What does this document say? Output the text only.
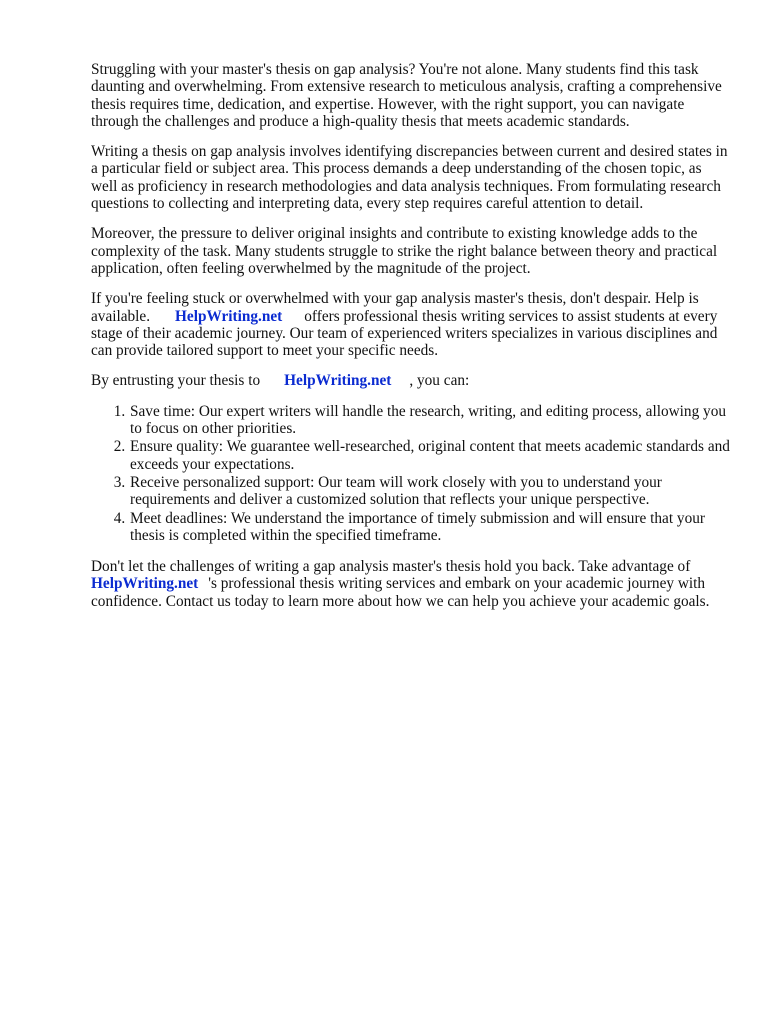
Struggling with your master's thesis on gap analysis? You're not alone. Many students find this task daunting and overwhelming. From extensive research to meticulous analysis, crafting a comprehensive thesis requires time, dedication, and expertise. However, with the right support, you can navigate through the challenges and produce a high-quality thesis that meets academic standards.

Writing a thesis on gap analysis involves identifying discrepancies between current and desired states in a particular field or subject area. This process demands a deep understanding of the chosen topic, as well as proficiency in research methodologies and data analysis techniques. From formulating research questions to collecting and interpreting data, every step requires careful attention to detail.

Moreover, the pressure to deliver original insights and contribute to existing knowledge adds to the complexity of the task. Many students struggle to strike the right balance between theory and practical application, often feeling overwhelmed by the magnitude of the project.

If you're feeling stuck or overwhelmed with your gap analysis master's thesis, don't despair. Help is available. HelpWriting.net offers professional thesis writing services to assist students at every stage of their academic journey. Our team of experienced writers specializes in various disciplines and can provide tailored support to meet your specific needs.

By entrusting your thesis to HelpWriting.net , you can:

1. Save time: Our expert writers will handle the research, writing, and editing process, allowing you to focus on other priorities.
2. Ensure quality: We guarantee well-researched, original content that meets academic standards and exceeds your expectations.
3. Receive personalized support: Our team will work closely with you to understand your requirements and deliver a customized solution that reflects your unique perspective.
4. Meet deadlines: We understand the importance of timely submission and will ensure that your thesis is completed within the specified timeframe.

Don't let the challenges of writing a gap analysis master's thesis hold you back. Take advantage of HelpWriting.net 's professional thesis writing services and embark on your academic journey with confidence. Contact us today to learn more about how we can help you achieve your academic goals.
